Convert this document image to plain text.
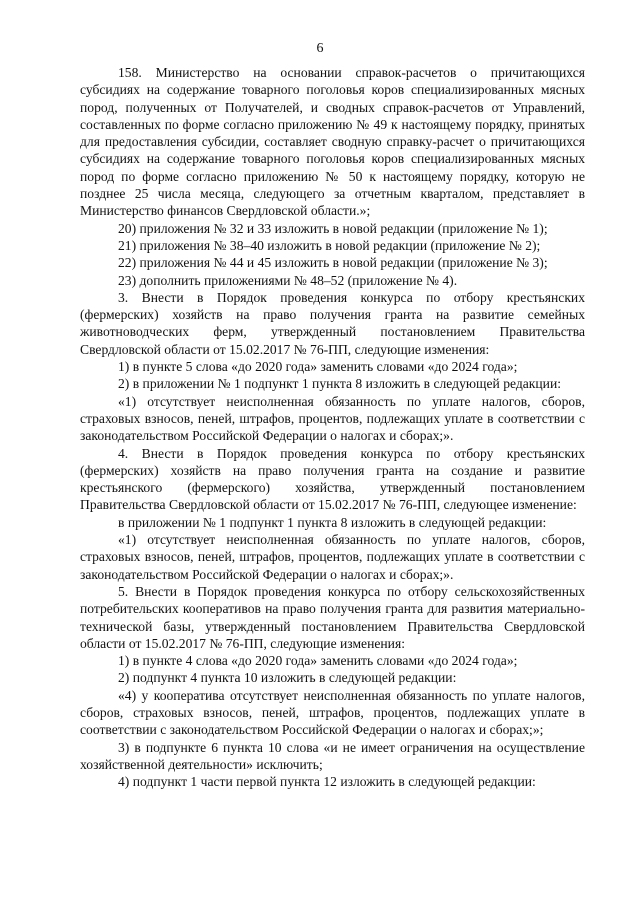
6

158. Министерство на основании справок-расчетов о причитающихся субсидиях на содержание товарного поголовья коров специализированных мясных пород, полученных от Получателей, и сводных справок-расчетов от Управлений, составленных по форме согласно приложению № 49 к настоящему порядку, принятых для предоставления субсидии, составляет сводную справку-расчет о причитающихся субсидиях на содержание товарного поголовья коров специализированных мясных пород по форме согласно приложению № 50 к настоящему порядку, которую не позднее 25 числа месяца, следующего за отчетным кварталом, представляет в Министерство финансов Свердловской области.»;

20) приложения № 32 и 33 изложить в новой редакции (приложение № 1);

21) приложения № 38–40 изложить в новой редакции (приложение № 2);

22) приложения № 44 и 45 изложить в новой редакции (приложение № 3);

23) дополнить приложениями № 48–52 (приложение № 4).

3. Внести в Порядок проведения конкурса по отбору крестьянских (фермерских) хозяйств на право получения гранта на развитие семейных животноводческих ферм, утвержденный постановлением Правительства Свердловской области от 15.02.2017 № 76-ПП, следующие изменения:

1) в пункте 5 слова «до 2020 года» заменить словами «до 2024 года»;

2) в приложении № 1 подпункт 1 пункта 8 изложить в следующей редакции:

«1) отсутствует неисполненная обязанность по уплате налогов, сборов, страховых взносов, пеней, штрафов, процентов, подлежащих уплате в соответствии с законодательством Российской Федерации о налогах и сборах;».

4. Внести в Порядок проведения конкурса по отбору крестьянских (фермерских) хозяйств на право получения гранта на создание и развитие крестьянского (фермерского) хозяйства, утвержденный постановлением Правительства Свердловской области от 15.02.2017 № 76-ПП, следующее изменение:

в приложении № 1 подпункт 1 пункта 8 изложить в следующей редакции:

«1) отсутствует неисполненная обязанность по уплате налогов, сборов, страховых взносов, пеней, штрафов, процентов, подлежащих уплате в соответствии с законодательством Российской Федерации о налогах и сборах;».

5. Внести в Порядок проведения конкурса по отбору сельскохозяйственных потребительских кооперативов на право получения гранта для развития материально-технической базы, утвержденный постановлением Правительства Свердловской области от 15.02.2017 № 76-ПП, следующие изменения:

1) в пункте 4 слова «до 2020 года» заменить словами «до 2024 года»;

2) подпункт 4 пункта 10 изложить в следующей редакции:

«4) у кооператива отсутствует неисполненная обязанность по уплате налогов, сборов, страховых взносов, пеней, штрафов, процентов, подлежащих уплате в соответствии с законодательством Российской Федерации о налогах и сборах;»;

3) в подпункте 6 пункта 10 слова «и не имеет ограничения на осуществление хозяйственной деятельности» исключить;

4) подпункт 1 части первой пункта 12 изложить в следующей редакции:
